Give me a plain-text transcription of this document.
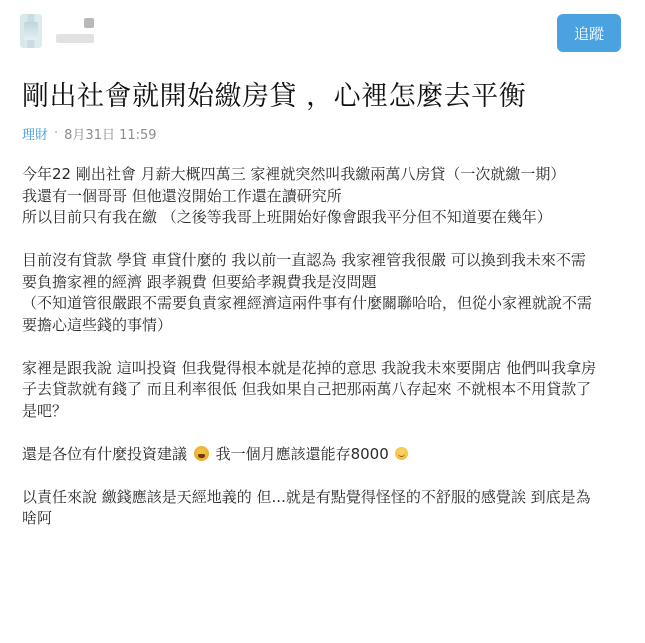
追蹤
剛出社會就開始繳房貸 ，心裡怎麼去平衡
理財 · 8月31日 11:59

今年22 剛出社會 月薪大概四萬三 家裡就突然叫我繳兩萬八房貸（一次就繳一期）

我還有一個哥哥 但他還沒開始工作還在讀研究所

所以目前只有我在繳 （之後等我哥上班開始好像會跟我平分但不知道要在幾年）

目前沒有貸款 學貸 車貸什麼的 我以前一直認為 我家裡管我很嚴 可以換到我未來不需

要負擔家裡的經濟 跟孝親費 但要給孝親費我是沒問題

（不知道管很嚴跟不需要負責家裡經濟這兩件事有什麼關聯哈哈，但從小家裡就說不需

要擔心這些錢的事情）

家裡是跟我說 這叫投資 但我覺得根本就是花掉的意思 我說我未來要開店 他們叫我拿房

子去貸款就有錢了 而且利率很低 但我如果自己把那兩萬八存起來 不就根本不用貸款了

是吧？

還是各位有什麼投資建議  我一個月應該還能存8000

以責任來說 繳錢應該是天經地義的 但...就是有點覺得怪怪的不舒服的感覺誒 到底是為

啥阿
